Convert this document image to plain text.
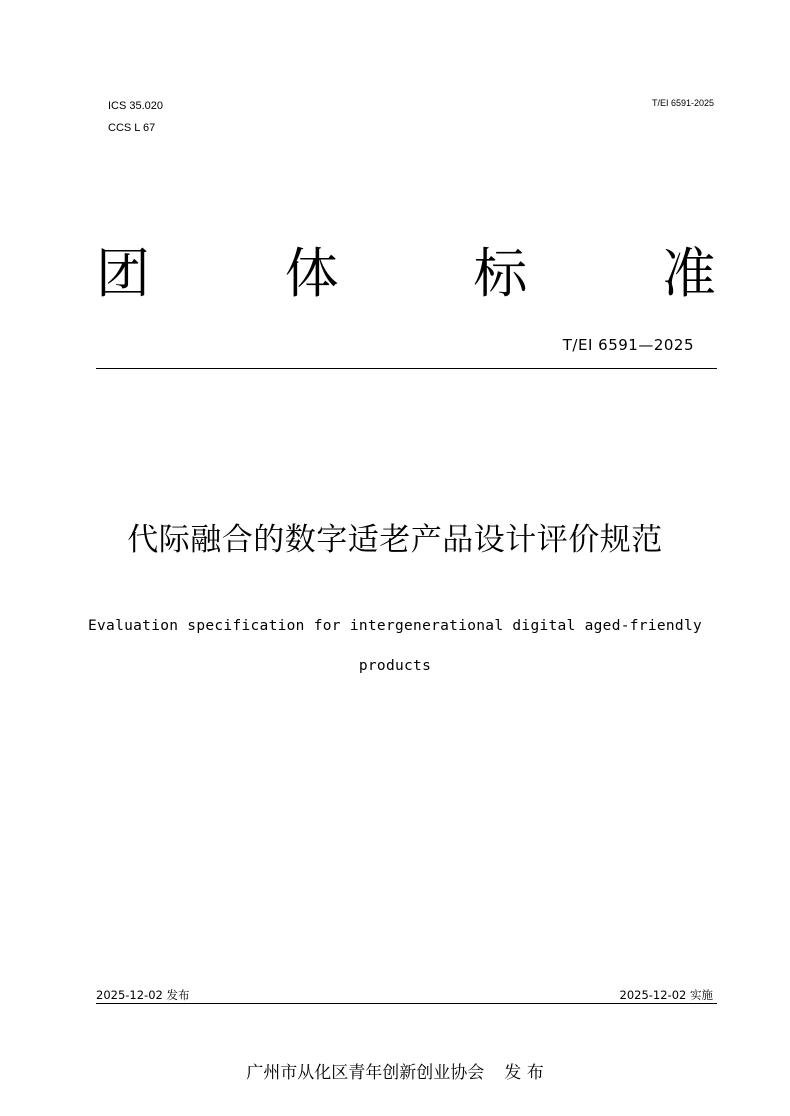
ICS 35.020
CCS L 67
T/EI 6591-2025
团 体 标 准
T/EI 6591—2025
代际融合的数字适老产品设计评价规范
Evaluation specification for intergenerational digital aged-friendly
products
2025-12-02 发布	2025-12-02 实施
广州市从化区青年创新创业协会 发 布
